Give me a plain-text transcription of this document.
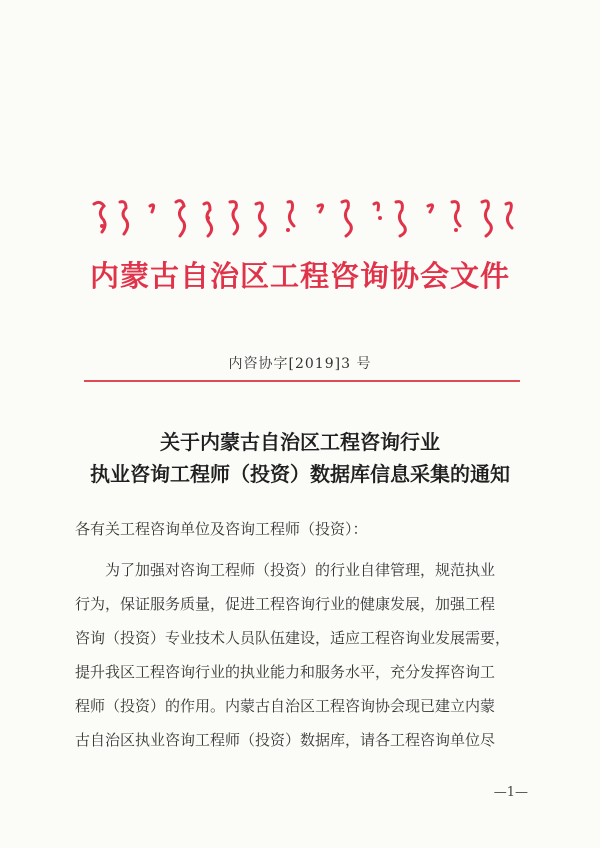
内蒙古自治区工程咨询协会文件
内咨协字[2019]3 号
关于内蒙古自治区工程咨询行业
执业咨询工程师（投资）数据库信息采集的通知
各有关工程咨询单位及咨询工程师（投资）：
为了加强对咨询工程师（投资）的行业自律管理，规范执业
行为，保证服务质量，促进工程咨询行业的健康发展，加强工程
咨询（投资）专业技术人员队伍建设，适应工程咨询业发展需要，
提升我区工程咨询行业的执业能力和服务水平，充分发挥咨询工
程师（投资）的作用。内蒙古自治区工程咨询协会现已建立内蒙
古自治区执业咨询工程师（投资）数据库，请各工程咨询单位尽
—1—
